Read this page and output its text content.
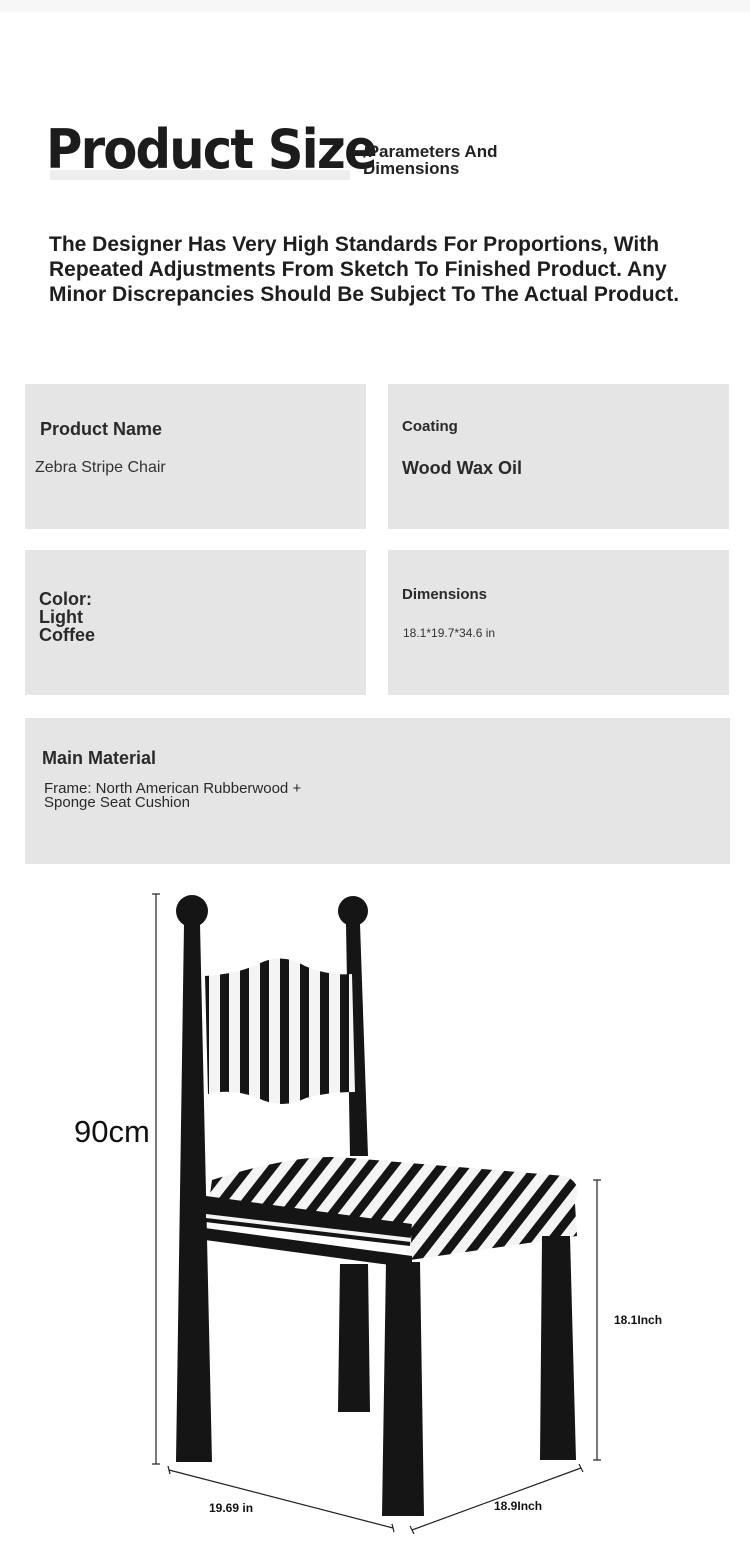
Product Size
/Parameters And Dimensions
The Designer Has Very High Standards For Proportions, With Repeated Adjustments From Sketch To Finished Product. Any Minor Discrepancies Should Be Subject To The Actual Product.
Product Name
Zebra Stripe Chair
Coating
Wood Wax Oil
Color: Light Coffee
Dimensions
18.1*19.7*34.6 in
Main Material
Frame: North American Rubberwood + Sponge Seat Cushion
90cm
18.1Inch
19.69 in	18.9Inch
